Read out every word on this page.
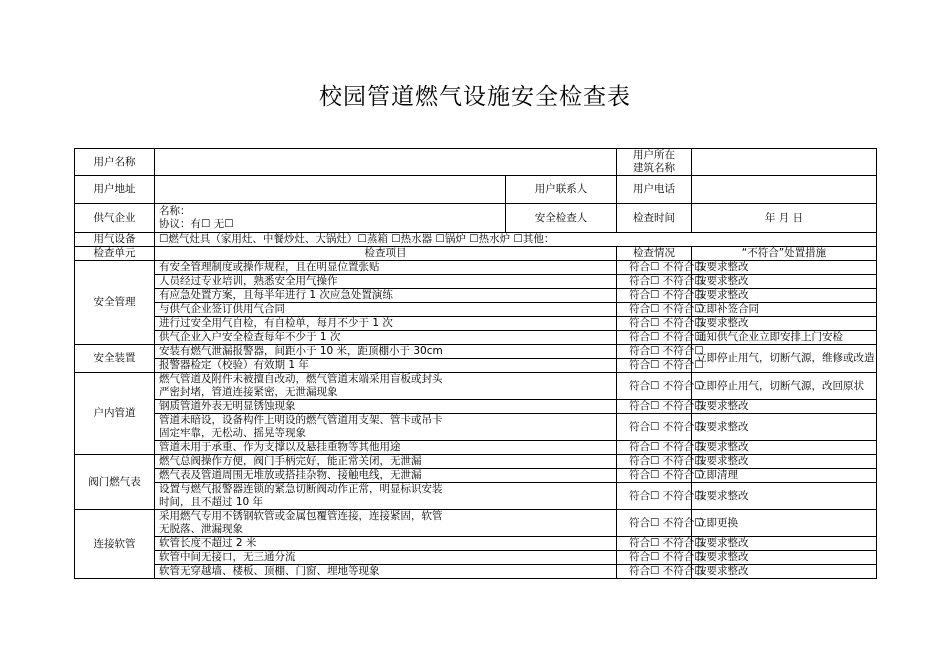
校园管道燃气设施安全检查表
用户名称			用户所在
建筑名称	

用户地址		用户联系人	用户电话	
供气企业	名称：
协议：有☐ 无☐	安全检查人	检查时间	年 月 日
用气设备	☐燃气灶具（家用灶、中餐炒灶、大锅灶）☐蒸箱 ☐热水器 ☐锅炉 ☐热水炉 ☐其他：			
检查单元	检查项目		检查情况	“不符合”处置措施
安全管理	有安全管理制度或操作规程，且在明显位置张贴		符合☐ 不符合☐	按要求整改
	人员经过专业培训，熟悉安全用气操作		符合☐ 不符合☐	按要求整改
	有应急处置方案，且每半年进行 1 次应急处置演练		符合☐ 不符合☐	按要求整改
	与供气企业签订供用气合同		符合☐ 不符合☐	立即补签合同
	进行过安全用气自检，有自检单，每月不少于 1 次		符合☐ 不符合☐	按要求整改
	供气企业入户安全检查每年不少于 1 次		符合☐ 不符合☐	通知供气企业立即安排上门安检
安全装置	安装有燃气泄漏报警器，间距小于 10 米，距顶棚小于 30cm		符合☐ 不符合☐	立即停止用气，切断气源，维修或改造
	报警器检定（校验）有效期 1 年		符合☐ 不符合☐	
户内管道	燃气管道及附件未被擅自改动，燃气管道末端采用盲板或封头
严密封堵，管道连接紧密，无泄漏现象		符合☐ 不符合☐	立即停止用气，切断气源，改回原状
	钢质管道外表无明显锈蚀现象		符合☐ 不符合☐	按要求整改

	管道未暗设，设备构件上明设的燃气管道用支架、管卡或吊卡
固定牢靠，无松动、摇晃等现象		符合☐ 不符合☐	按要求整改
	管道未用于承重、作为支撑以及悬挂重物等其他用途		符合☐ 不符合☐	按要求整改
阀门燃气表	燃气总阀操作方便，阀门手柄完好，能正常关闭，无泄漏		符合☐ 不符合☐	按要求整改
	燃气表及管道周围无堆放或搭挂杂物、接触电线，无泄漏		符合☐ 不符合☐	立即清理

	设置与燃气报警器连锁的紧急切断阀动作正常，明显标识安装
时间，且不超过 10 年		符合☐ 不符合☐	按要求整改
连接软管	采用燃气专用不锈钢软管或金属包覆管连接，连接紧固，软管
无脱落、泄漏现象		符合☐ 不符合☐	立即更换
	软管长度不超过 2 米		符合☐ 不符合☐	按要求整改
	软管中间无接口，无三通分流		符合☐ 不符合☐	按要求整改
	软管无穿越墙、楼板、顶棚、门窗、埋地等现象		符合☐ 不符合☐	按要求整改
